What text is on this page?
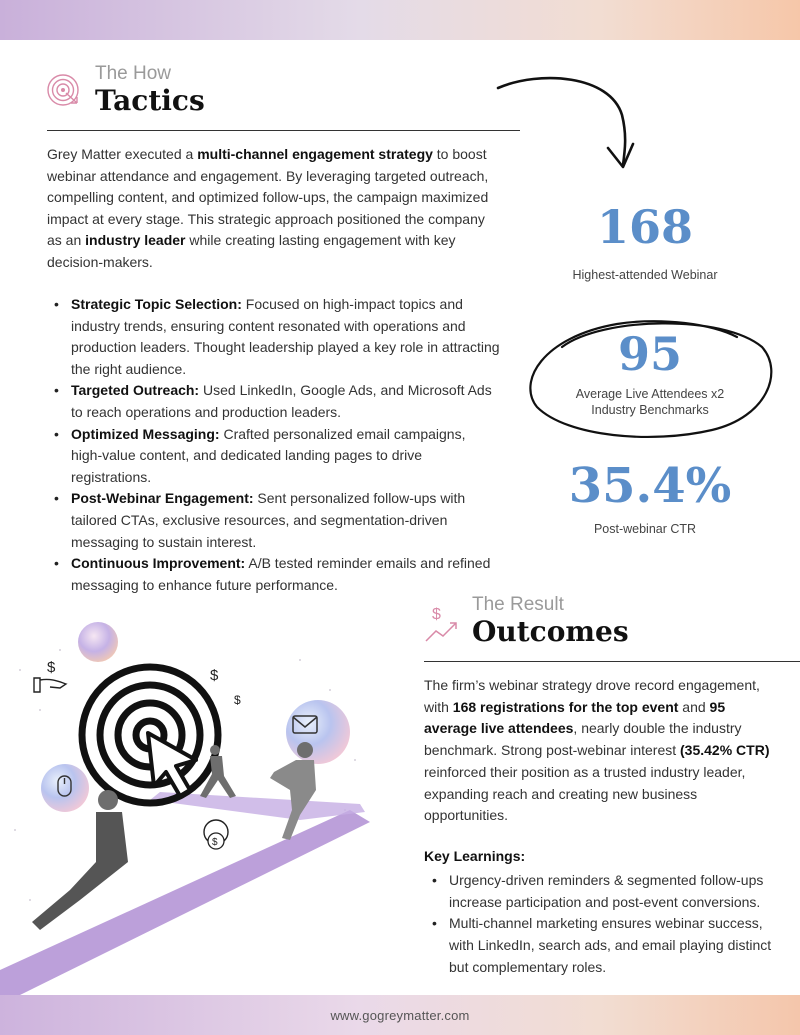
The How
Tactics
Grey Matter executed a multi-channel engagement strategy to boost webinar attendance and engagement. By leveraging targeted outreach, compelling content, and optimized follow-ups, the campaign maximized impact at every stage. This strategic approach positioned the company as an industry leader while creating lasting engagement with key decision-makers.
• Strategic Topic Selection: Focused on high-impact topics and industry trends, ensuring content resonated with operations and production leaders. Thought leadership played a key role in attracting the right audience.
• Targeted Outreach: Used LinkedIn, Google Ads, and Microsoft Ads to reach operations and production leaders.
• Optimized Messaging: Crafted personalized email campaigns, high-value content, and dedicated landing pages to drive registrations.
• Post-Webinar Engagement: Sent personalized follow-ups with tailored CTAs, exclusive resources, and segmentation-driven messaging to sustain interest.
• Continuous Improvement: A/B tested reminder emails and refined messaging to enhance future performance.
168
Highest-attended Webinar
95
Average Live Attendees x2
Industry Benchmarks
35.4%
Post-webinar CTR
$ The Result
Outcomes
The firm’s webinar strategy drove record engagement, with 168 registrations for the top event and 95 average live attendees, nearly double the industry benchmark. Strong post-webinar interest (35.42% CTR) reinforced their position as a trusted industry leader, expanding reach and creating new business opportunities.
Key Learnings:
• Urgency-driven reminders & segmented follow-ups increase participation and post-event conversions.
• Multi-channel marketing ensures webinar success, with LinkedIn, search ads, and email playing distinct but complementary roles.
$	$
$
$
www.gogreymatter.com
